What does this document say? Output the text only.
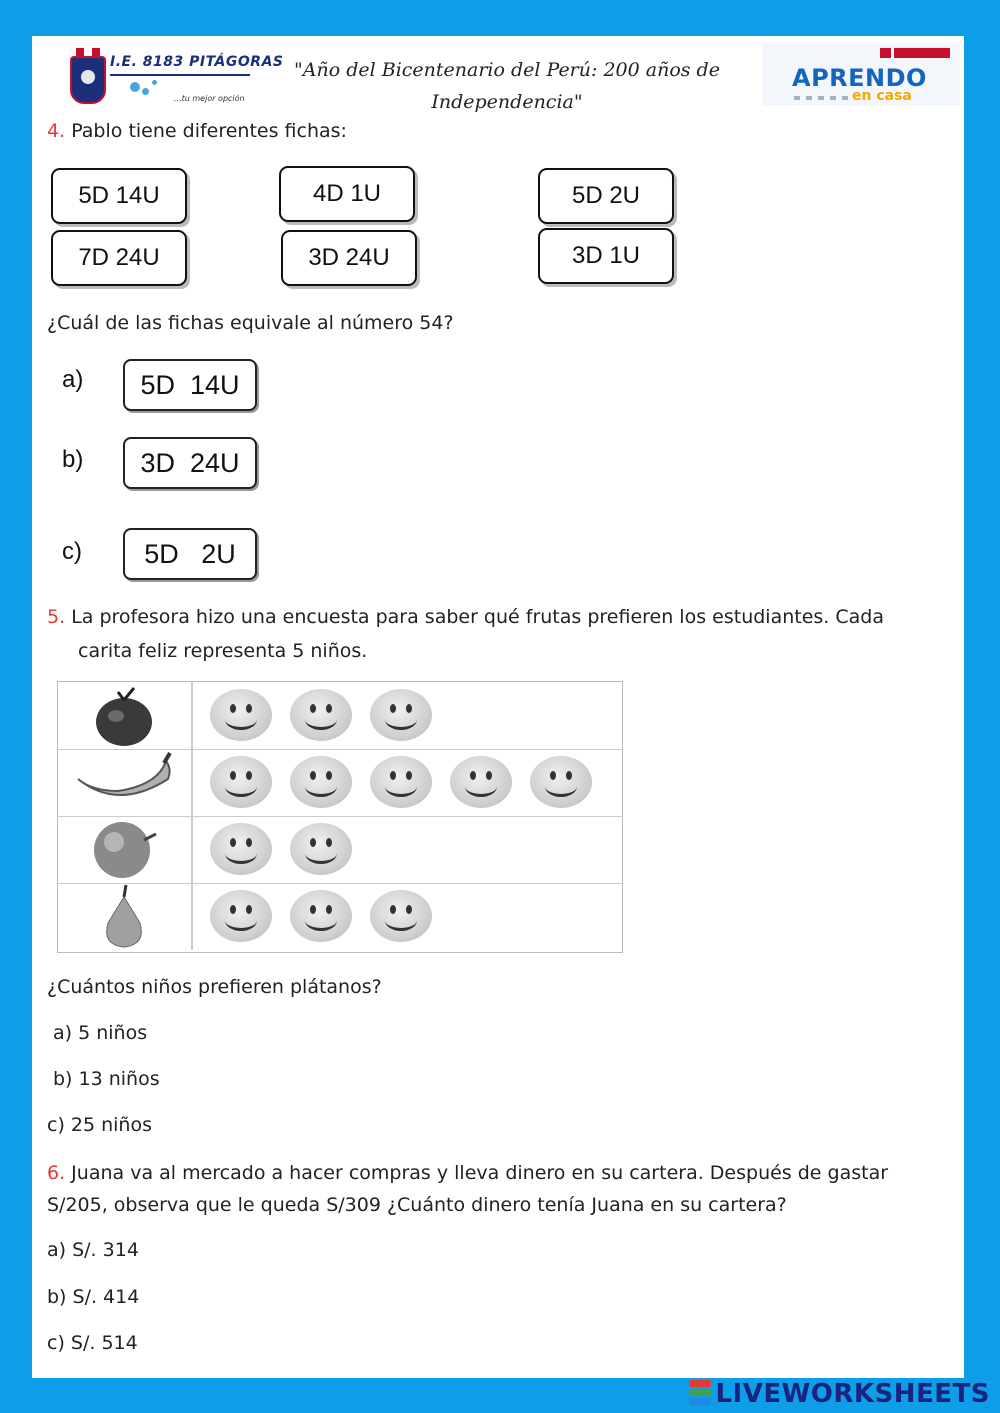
I.E. 8183 PITÁGORAS
...tu mejor opción
"Año del Bicentenario del Perú: 200 años de Independencia"
APRENDO
en casa
4. Pablo tiene diferentes fichas:
5D 14U	4D 1U	5D 2U
7D 24U	3D 24U	3D 1U
¿Cuál de las fichas equivale al número 54?
a)	5D  14U
b)	3D  24U
c)	5D   2U
5. La profesora hizo una encuesta para saber qué frutas prefieren los estudiantes. Cada
carita feliz representa 5 niños.
¿Cuántos niños prefieren plátanos?
a) 5 niños
b) 13 niños
c) 25 niños
6. Juana va al mercado a hacer compras y lleva dinero en su cartera. Después de gastar
S/205, observa que le queda S/309 ¿Cuánto dinero tenía Juana en su cartera?
a) S/. 314
b) S/. 414
c) S/. 514
LIVEWORKSHEETS
